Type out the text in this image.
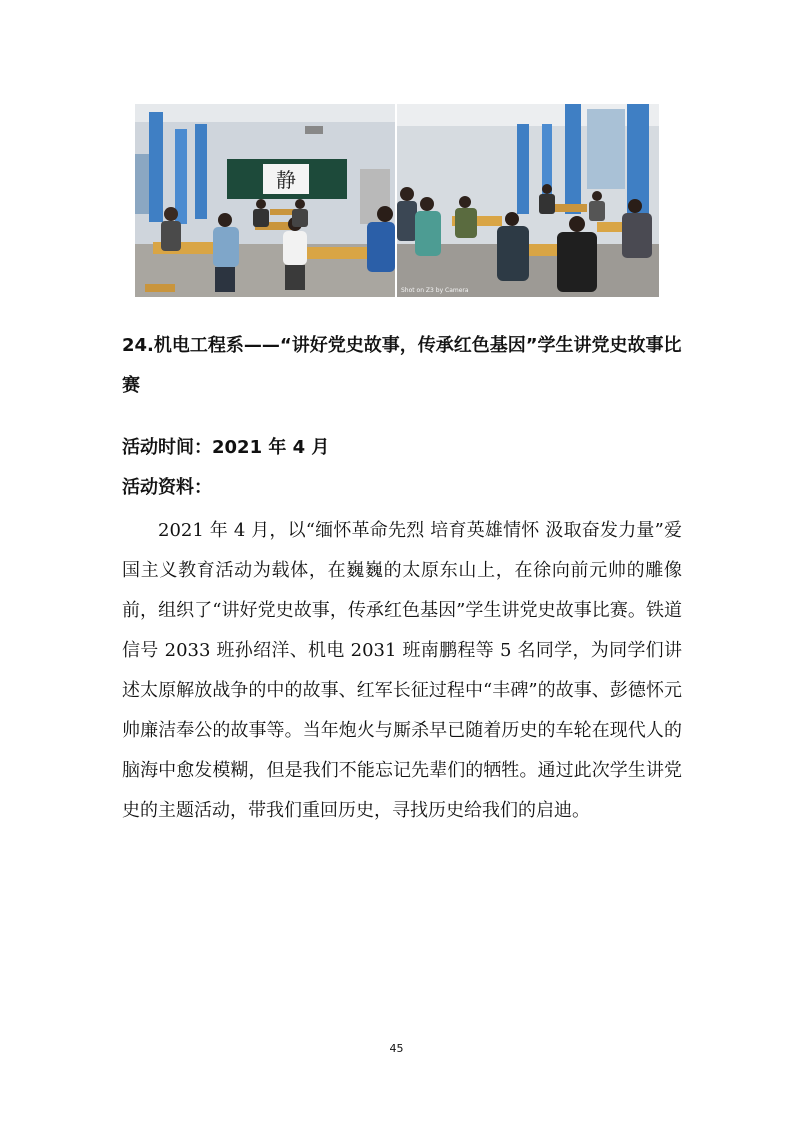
静
Shot on Z3 by Camera
24.机电工程系——“讲好党史故事，传承红色基因”学生讲党史故事比赛
活动时间：2021 年 4 月
活动资料：

2021 年 4 月，以“缅怀革命先烈 培育英雄情怀 汲取奋发力量”爱国主义教育活动为载体，在巍巍的太原东山上，在徐向前元帅的雕像前，组织了“讲好党史故事，传承红色基因”学生讲党史故事比赛。铁道信号 2033 班孙绍洋、机电 2031 班南鹏程等 5 名同学，为同学们讲述太原解放战争的中的故事、红军长征过程中“丰碑”的故事、彭德怀元帅廉洁奉公的故事等。当年炮火与厮杀早已随着历史的车轮在现代人的脑海中愈发模糊，但是我们不能忘记先辈们的牺牲。通过此次学生讲党史的主题活动，带我们重回历史，寻找历史给我们的启迪。

45
